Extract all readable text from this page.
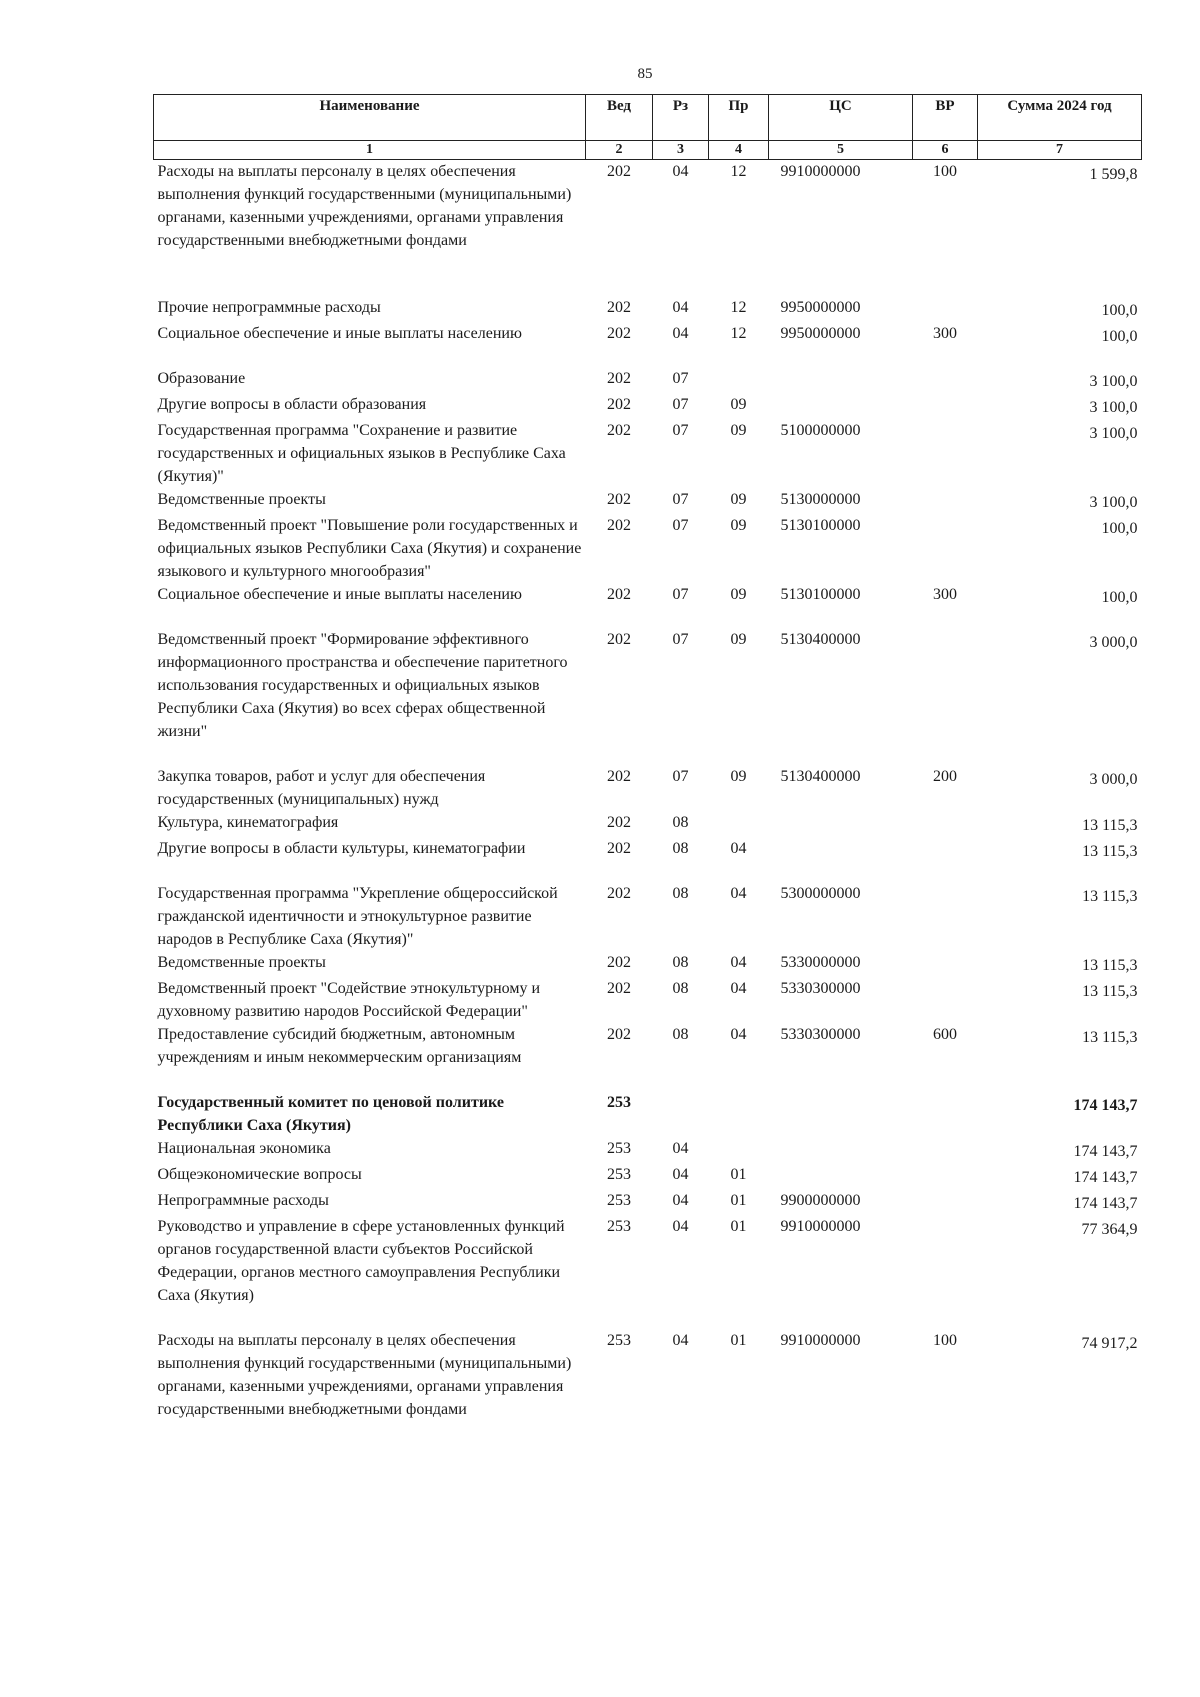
85
Наименование	Вед	Рз	Пр	ЦС	ВР	Сумма 2024 год
1	2	3	4	5	6	7
Расходы на выплаты персоналу в целях обеспечения выполнения функций государственными (муниципальными) органами, казенными учреждениями, органами управления государственными внебюджетными фондами	202	04	12	9910000000	100	1 599,8
Прочие непрограммные расходы	202	04	12	9950000000		100,0
Социальное обеспечение и иные выплаты населению	202	04	12	9950000000	300	100,0
Образование	202	07				3 100,0
Другие вопросы в области образования	202	07	09			3 100,0
Государственная программа "Сохранение и развитие государственных и официальных языков в Республике Саха (Якутия)"	202	07	09	5100000000		3 100,0
Ведомственные проекты	202	07	09	5130000000		3 100,0
Ведомственный проект "Повышение роли государственных и официальных языков Республики Саха (Якутия) и сохранение языкового и культурного многообразия"	202	07	09	5130100000		100,0
Социальное обеспечение и иные выплаты населению	202	07	09	5130100000	300	100,0
Ведомственный проект "Формирование эффективного информационного пространства и обеспечение паритетного использования государственных и официальных языков Республики Саха (Якутия) во всех сферах общественной жизни"	202	07	09	5130400000		3 000,0
Закупка товаров, работ и услуг для обеспечения государственных (муниципальных) нужд	202	07	09	5130400000	200	3 000,0
Культура, кинематография	202	08				13 115,3
Другие вопросы в области культуры, кинематографии	202	08	04			13 115,3
Государственная программа "Укрепление общероссийской гражданской идентичности и этнокультурное развитие народов в Республике Саха (Якутия)"	202	08	04	5300000000		13 115,3
Ведомственные проекты	202	08	04	5330000000		13 115,3
Ведомственный проект "Содействие этнокультурному и духовному развитию народов Российской Федерации"	202	08	04	5330300000		13 115,3
Предоставление субсидий бюджетным, автономным учреждениям и иным некоммерческим организациям	202	08	04	5330300000	600	13 115,3
Государственный комитет по ценовой политике Республики Саха (Якутия)	253					174 143,7
Национальная экономика	253	04				174 143,7
Общеэкономические вопросы	253	04	01			174 143,7
Непрограммные расходы	253	04	01	9900000000		174 143,7
Руководство и управление в сфере установленных функций органов государственной власти субъектов Российской Федерации, органов местного самоуправления Республики Саха (Якутия)	253	04	01	9910000000		77 364,9
Расходы на выплаты персоналу в целях обеспечения выполнения функций государственными (муниципальными) органами, казенными учреждениями, органами управления государственными внебюджетными фондами	253	04	01	9910000000	100	74 917,2
